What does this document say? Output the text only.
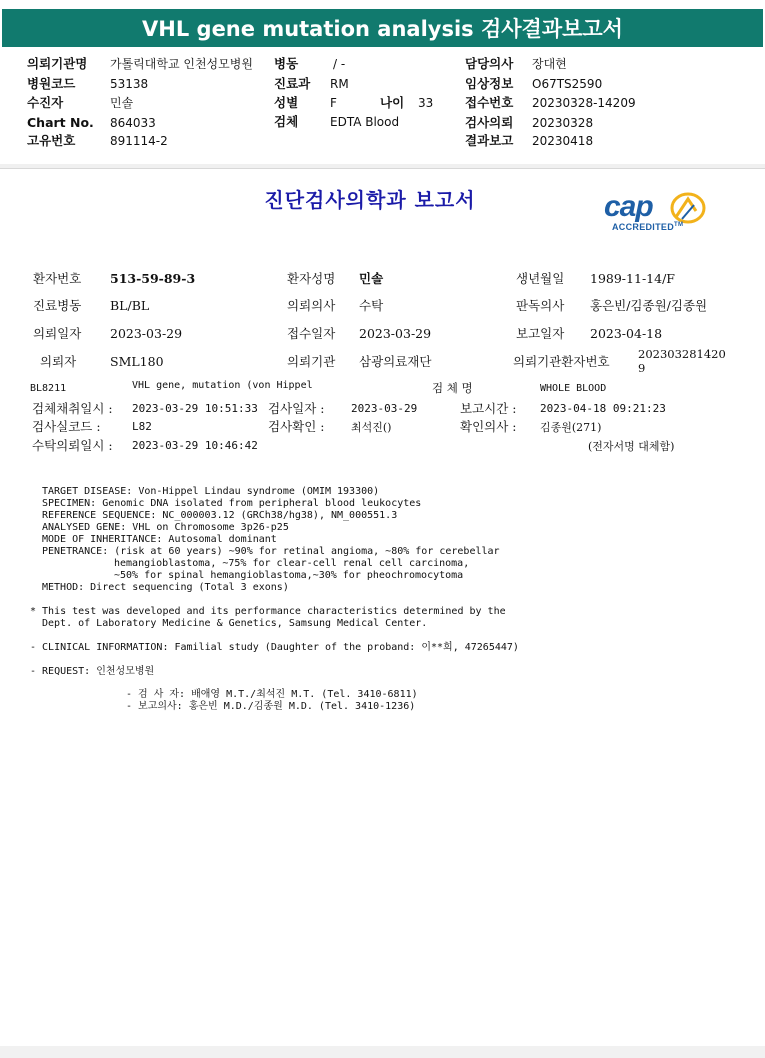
VHL gene mutation analysis 검사결과보고서
의뢰기관명 가톨릭대학교 인천성모병원
병원코드	53138
수진자	민솔
Chart No. 864033
고유번호	891114-2
병동	/ -
진료과 RM
성별	F	나이 33
검체	EDTA Blood
담당의사 장대현
임상정보 O67TS2590
접수번호 20230328-14209
검사의뢰 20230328
결과보고 20230418
진단검사의학과 보고서	cap
ACCREDITED™
환자번호 513-59-89-3	환자성명 민솔	생년월일 1989-11-14/F
진료병동 BL/BL	의뢰의사 수탁	판독의사 홍은빈/김종원/김종원
의뢰일자 2023-03-29	접수일자 2023-03-29	보고일자 2023-04-18
의뢰자	SML180	의뢰기관 삼광의료재단	의뢰기관환자번호 202303281420
9
BL8211	VHL gene, mutation (von Hippel	검 체 명	WHOLE BLOOD
검체채취일시 : 2023-03-29 10:51:33 검사일자 : 2023-03-29	보고시간 : 2023-04-18 09:21:23
검사실코드 :	L82	검사확인 : 최석진()	확인의사 : 김종원(271)
수탁의뢰일시 : 2023-03-29 10:46:42	(전자서명 대체함)
TARGET DISEASE: Von-Hippel Lindau syndrome (OMIM 193300)
SPECIMEN: Genomic DNA isolated from peripheral blood leukocytes
REFERENCE SEQUENCE: NC_000003.12 (GRCh38/hg38), NM_000551.3
ANALYSED GENE: VHL on Chromosome 3p26-p25
MODE OF INHERITANCE: Autosomal dominant
PENETRANCE: (risk at 60 years) ~90% for retinal angioma, ~80% for cerebellar
hemangioblastoma, ~75% for clear-cell renal cell carcinoma,
~50% for spinal hemangioblastoma,~30% for pheochromocytoma
METHOD: Direct sequencing (Total 3 exons)
* This test was developed and its performance characteristics determined by the
Dept. of Laboratory Medicine & Genetics, Samsung Medical Center.
- CLINICAL INFORMATION: Familial study (Daughter of the proband: 이**희, 47265447)
- REQUEST: 인천성모병원
- 검 사 자: 배애영 M.T./최석진 M.T. (Tel. 3410-6811)
- 보고의사: 홍은빈 M.D./김종원 M.D. (Tel. 3410-1236)
